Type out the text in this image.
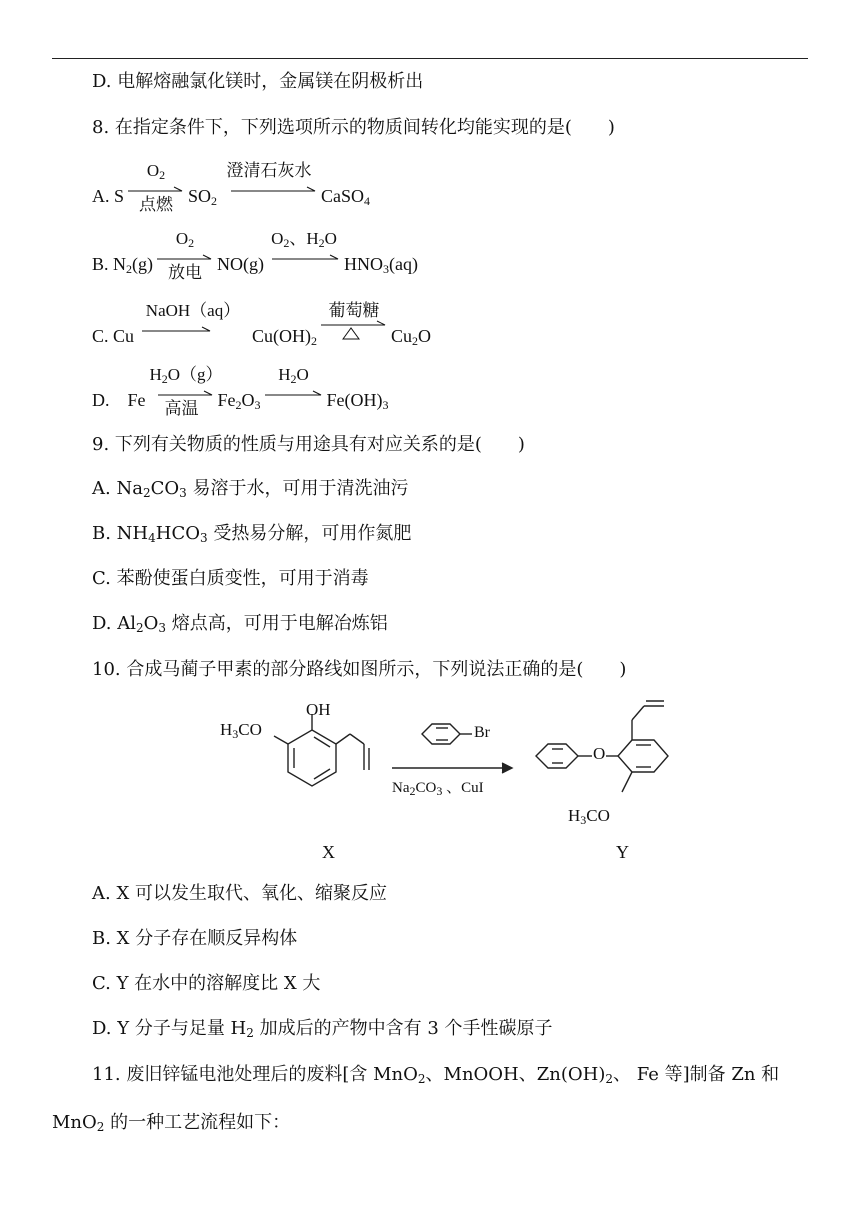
D. 电解熔融氯化镁时，金属镁在阴极析出
8. 在指定条件下，下列选项所示的物质间转化均能实现的是(　　)
A. S
$O_2$
点燃 $SO_2$
澄清石灰水
CaSO$_4$
B. $N_2(g)$
$O_2$
放电 NO(g)
$O_2$、$H_2O$
$HNO_3(aq)$
C. Cu
NaOH（aq）
$Cu(OH)_2$
葡萄糖
$Cu_2O$
D.　Fe
$H_2O(g)$
高温	$Fe_2O_3$
$H_2O$
$Fe(OH)_3$
9. 下列有关物质的性质与用途具有对应关系的是(　　)
A. $Na_2CO_3$ 易溶于水，可用于清洗油污
B. $NH_4HCO_3$ 受热易分解，可用作氮肥
C. 苯酚使蛋白质变性，可用于消毒
D. $Al_2O_3$ 熔点高，可用于电解冶炼铝
10. 合成马蔺子甲素的部分路线如图所示，下列说法正确的是(　　)
OH
$H_3CO$	Br
$Na_2CO_3$ 、CuI
O
$H_3CO$
X	Y
A. X 可以发生取代、氧化、缩聚反应
B. X 分子存在顺反异构体
C. Y 在水中的溶解度比 X 大
D. Y 分子与足量 $H_2$ 加成后的产物中含有 3 个手性碳原子
11. 废旧锌锰电池处理后的废料[含 MnO$_2$、MnOOH、$Zn(OH)_2$、 Fe 等]制备 Zn 和
MnO$_2$ 的一种工艺流程如下：
